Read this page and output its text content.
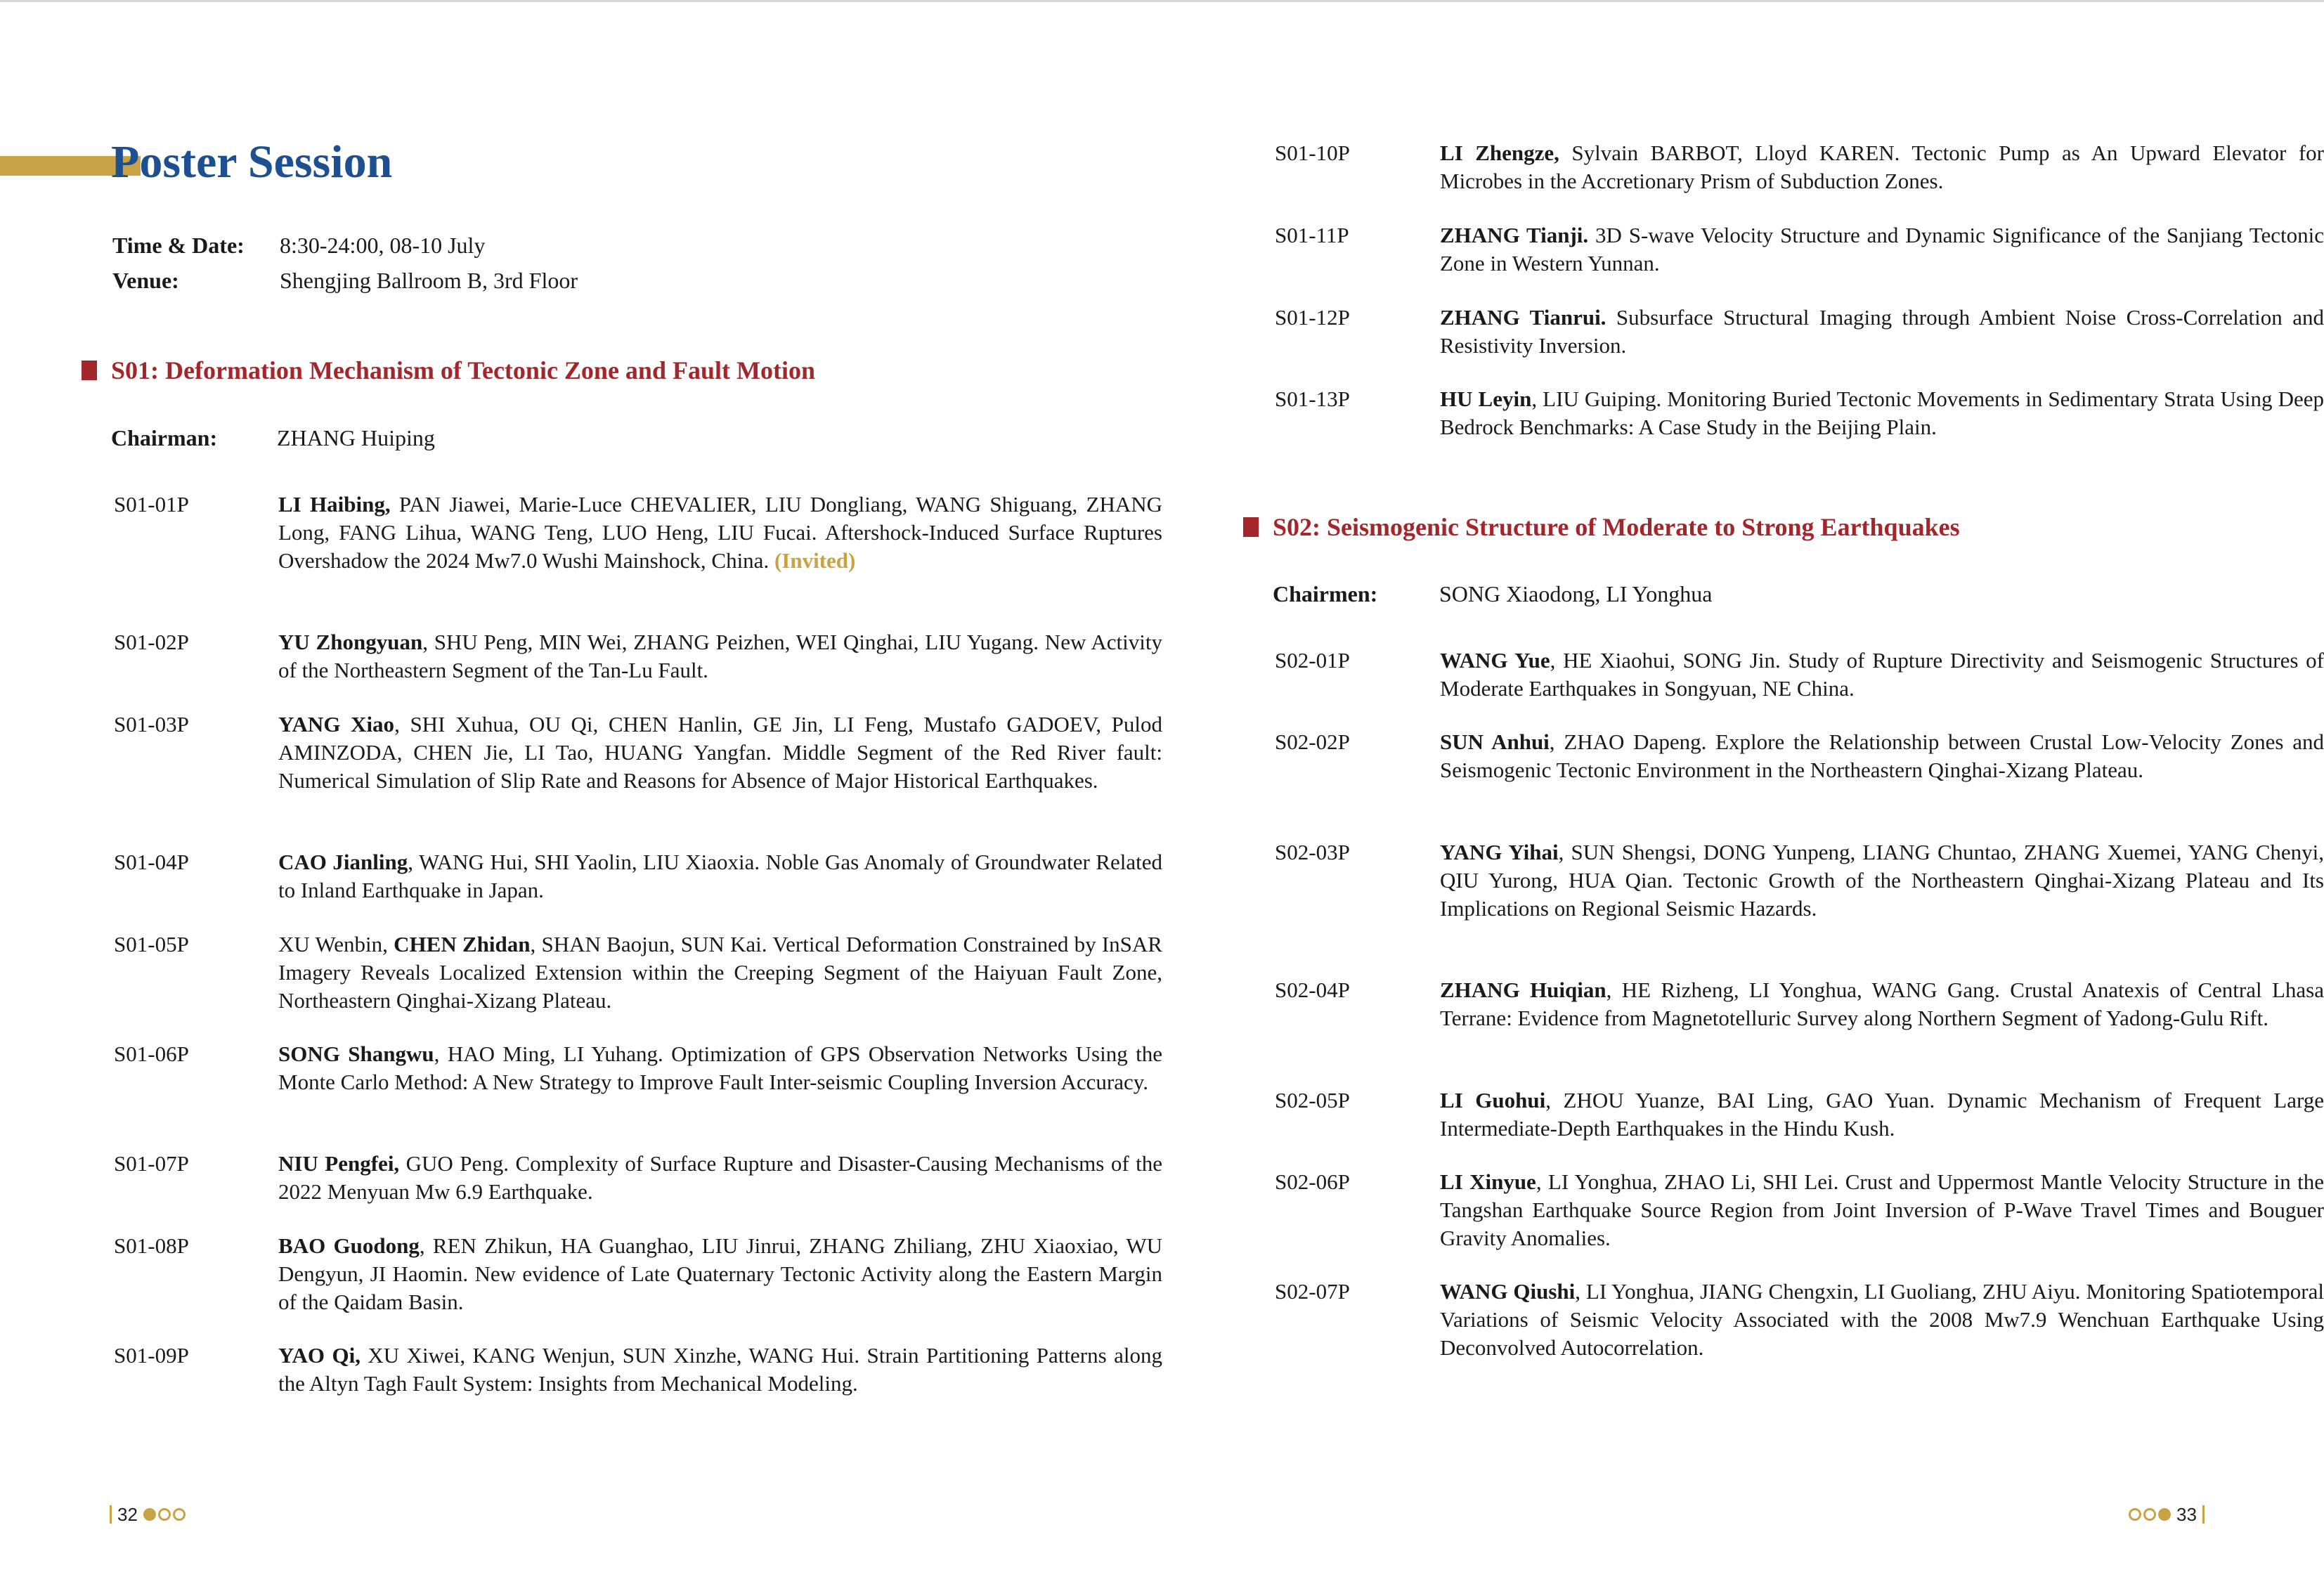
Poster Session
Time & Date: 8:30-24:00, 08-10 July
Venue:	Shengjing Ballroom B, 3rd Floor
S01: Deformation Mechanism of Tectonic Zone and Fault Motion
Chairman:	ZHANG Huiping
S01-01P	LI Haibing, PAN Jiawei, Marie-Luce CHEVALIER, LIU Dongliang, WANG Shiguang, ZHANG Long, FANG Lihua, WANG Teng, LUO Heng, LIU Fucai. Aftershock-Induced Surface Ruptures Overshadow the 2024 Mw7.0 Wushi Mainshock, China. (Invited)
S01-02P	YU Zhongyuan, SHU Peng, MIN Wei, ZHANG Peizhen, WEI Qinghai, LIU Yugang. New Activity of the Northeastern Segment of the Tan-Lu Fault.
S01-03P	YANG Xiao, SHI Xuhua, OU Qi, CHEN Hanlin, GE Jin, LI Feng, Mustafo GADOEV, Pulod AMINZODA, CHEN Jie, LI Tao, HUANG Yangfan. Middle Segment of the Red River fault: Numerical Simulation of Slip Rate and Reasons for Absence of Major Historical Earthquakes.
S01-04P	CAO Jianling, WANG Hui, SHI Yaolin, LIU Xiaoxia. Noble Gas Anomaly of Groundwater Related to Inland Earthquake in Japan.
S01-05P	XU Wenbin, CHEN Zhidan, SHAN Baojun, SUN Kai. Vertical Deformation Constrained by InSAR Imagery Reveals Localized Extension within the Creeping Segment of the Haiyuan Fault Zone, Northeastern Qinghai-Xizang Plateau.
S01-06P	SONG Shangwu, HAO Ming, LI Yuhang. Optimization of GPS Observation Networks Using the Monte Carlo Method: A New Strategy to Improve Fault Inter-seismic Coupling Inversion Accuracy.
S01-07P	NIU Pengfei, GUO Peng. Complexity of Surface Rupture and Disaster-Causing Mechanisms of the 2022 Menyuan Mw 6.9 Earthquake.
S01-08P	BAO Guodong, REN Zhikun, HA Guanghao, LIU Jinrui, ZHANG Zhiliang, ZHU Xiaoxiao, WU Dengyun, JI Haomin. New evidence of Late Quaternary Tectonic Activity along the Eastern Margin of the Qaidam Basin.
S01-09P	YAO Qi, XU Xiwei, KANG Wenjun, SUN Xinzhe, WANG Hui. Strain Partitioning Patterns along the Altyn Tagh Fault System: Insights from Mechanical Modeling.
32
S01-10P	LI Zhengze, Sylvain BARBOT, Lloyd KAREN. Tectonic Pump as An Upward Elevator for Microbes in the Accretionary Prism of Subduction Zones.
S01-11P	ZHANG Tianji. 3D S-wave Velocity Structure and Dynamic Significance of the Sanjiang Tectonic Zone in Western Yunnan.
S01-12P	ZHANG Tianrui. Subsurface Structural Imaging through Ambient Noise Cross-Correlation and Resistivity Inversion.
S01-13P	HU Leyin, LIU Guiping. Monitoring Buried Tectonic Movements in Sedimentary Strata Using Deep Bedrock Benchmarks: A Case Study in the Beijing Plain.
S02: Seismogenic Structure of Moderate to Strong Earthquakes
Chairmen:	SONG Xiaodong, LI Yonghua
S02-01P	WANG Yue, HE Xiaohui, SONG Jin. Study of Rupture Directivity and Seismogenic Structures of Moderate Earthquakes in Songyuan, NE China.
S02-02P	SUN Anhui, ZHAO Dapeng. Explore the Relationship between Crustal Low-Velocity Zones and Seismogenic Tectonic Environment in the Northeastern Qinghai-Xizang Plateau.
S02-03P	YANG Yihai, SUN Shengsi, DONG Yunpeng, LIANG Chuntao, ZHANG Xuemei, YANG Chenyi, QIU Yurong, HUA Qian. Tectonic Growth of the Northeastern Qinghai-Xizang Plateau and Its Implications on Regional Seismic Hazards.
S02-04P	ZHANG Huiqian, HE Rizheng, LI Yonghua, WANG Gang. Crustal Anatexis of Central Lhasa Terrane: Evidence from Magnetotelluric Survey along Northern Segment of Yadong-Gulu Rift.
S02-05P	LI Guohui, ZHOU Yuanze, BAI Ling, GAO Yuan. Dynamic Mechanism of Frequent Large Intermediate-Depth Earthquakes in the Hindu Kush.
S02-06P	LI Xinyue, LI Yonghua, ZHAO Li, SHI Lei. Crust and Uppermost Mantle Velocity Structure in the Tangshan Earthquake Source Region from Joint Inversion of P-Wave Travel Times and Bouguer Gravity Anomalies.
S02-07P	WANG Qiushi, LI Yonghua, JIANG Chengxin, LI Guoliang, ZHU Aiyu. Monitoring Spatiotemporal Variations of Seismic Velocity Associated with the 2008 Mw7.9 Wenchuan Earthquake Using Deconvolved Autocorrelation.
33
